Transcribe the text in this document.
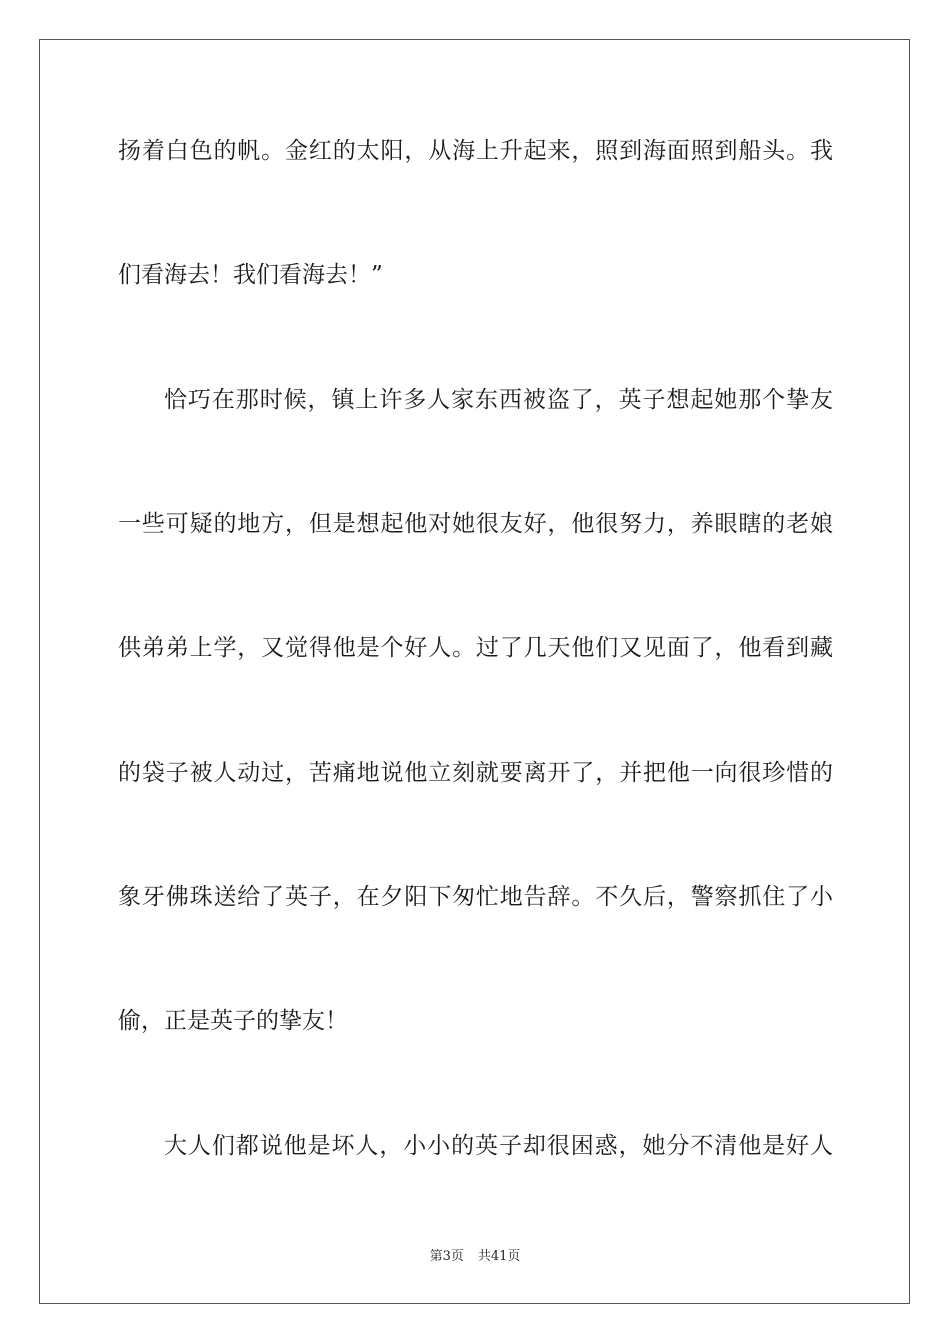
扬着白色的帆。金红的太阳，从海上升起来，照到海面照到船头。我
们看海去！我们看海去！”
恰巧在那时候，镇上许多人家东西被盗了，英子想起她那个挚友
一些可疑的地方，但是想起他对她很友好，他很努力，养眼瞎的老娘
供弟弟上学，又觉得他是个好人。过了几天他们又见面了，他看到藏
的袋子被人动过，苦痛地说他立刻就要离开了，并把他一向很珍惜的
象牙佛珠送给了英子，在夕阳下匆忙地告辞。不久后，警察抓住了小
偷，正是英子的挚友！
大人们都说他是坏人，小小的英子却很困惑，她分不清他是好人
第3页 共41页
